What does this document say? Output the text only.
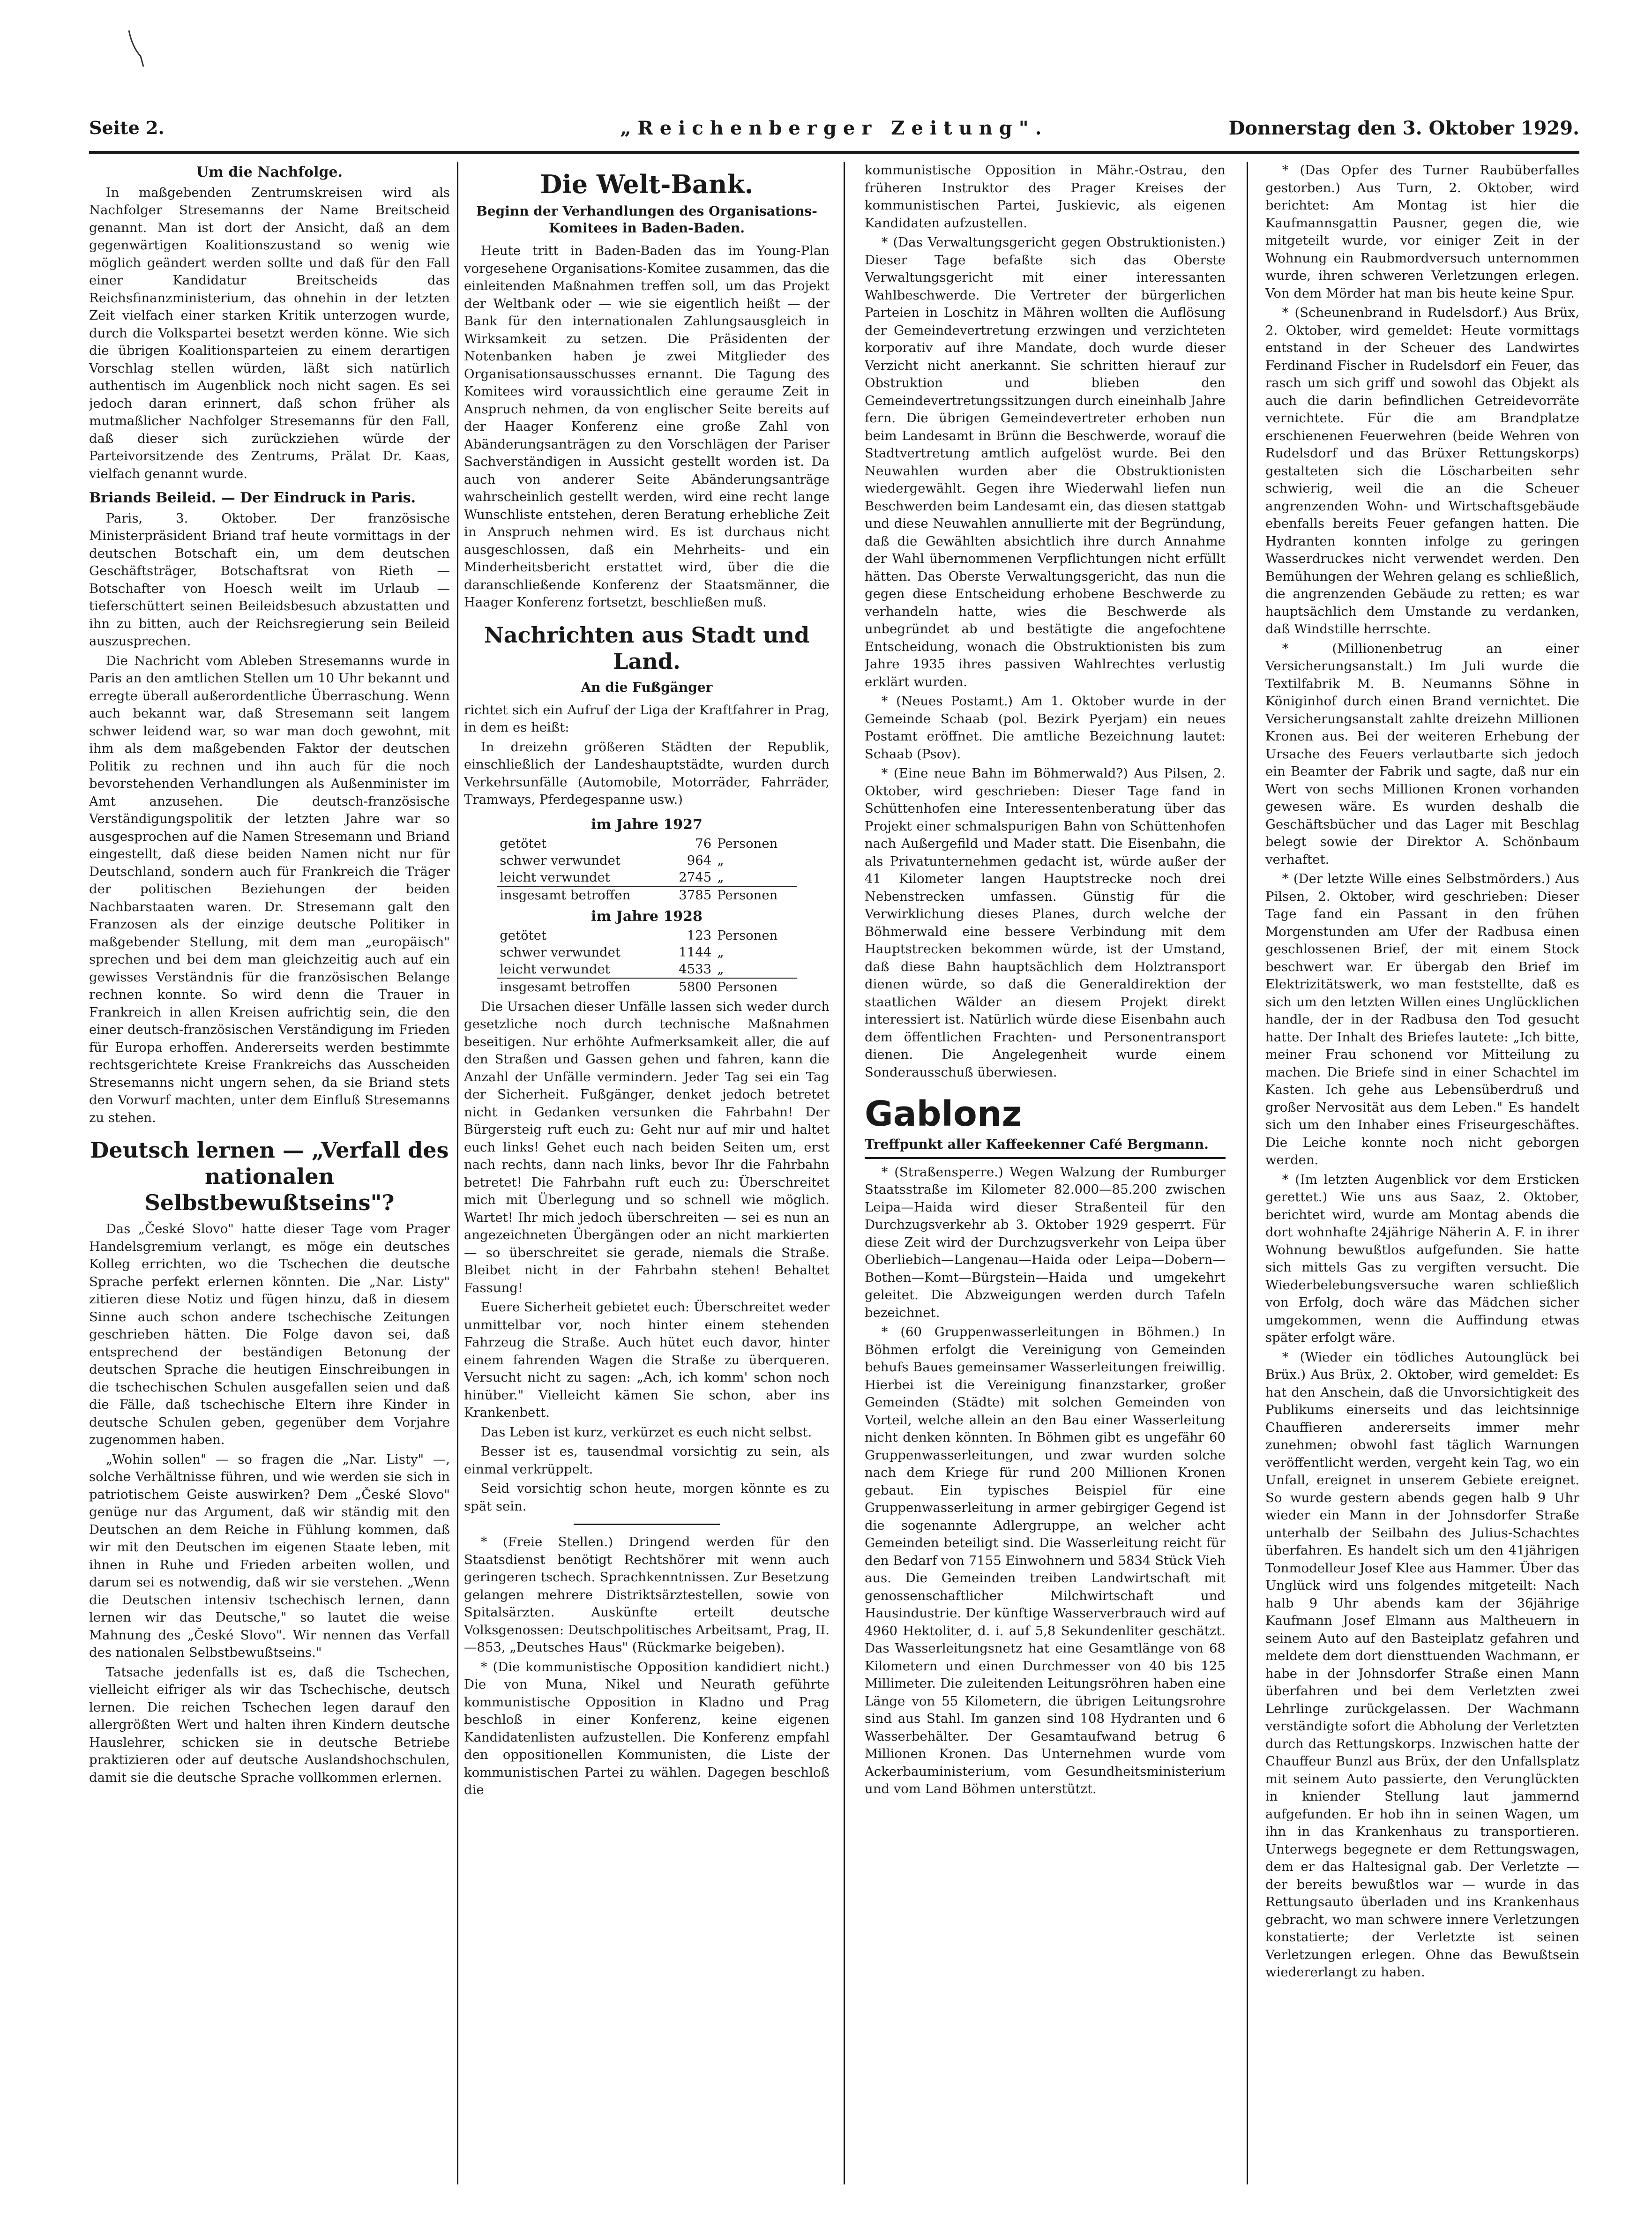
Seite 2.	„Reichenberger Zeitung".	Donnerstag den 3. Oktober 1929.
Um die Nachfolge.

In maßgebenden Zentrumskreisen wird als Nachfolger Stresemanns der Name Breitscheid genannt. Man ist dort der Ansicht, daß an dem gegenwärtigen Koalitionszustand so wenig wie möglich geändert werden sollte und daß für den Fall einer Kandidatur Breitscheids das Reichsfinanzministerium, das ohnehin in der letzten Zeit vielfach einer starken Kritik unterzogen wurde, durch die Volkspartei besetzt werden könne. Wie sich die übrigen Koalitionsparteien zu einem derartigen Vorschlag stellen würden, läßt sich natürlich authentisch im Augenblick noch nicht sagen. Es sei jedoch daran erinnert, daß schon früher als mutmaßlicher Nachfolger Stresemanns für den Fall, daß dieser sich zurückziehen würde der Parteivorsitzende des Zentrums, Prälat Dr. Kaas, vielfach genannt wurde.

Briands Beileid. — Der Eindruck in Paris.

Paris, 3. Oktober. Der französische Ministerpräsident Briand traf heute vormittags in der deutschen Botschaft ein, um dem deutschen Geschäftsträger, Botschaftsrat von Rieth — Botschafter von Hoesch weilt im Urlaub — tieferschüttert seinen Beileidsbesuch abzustatten und ihn zu bitten, auch der Reichsregierung sein Beileid auszusprechen.

Die Nachricht vom Ableben Stresemanns wurde in Paris an den amtlichen Stellen um 10 Uhr bekannt und erregte überall außerordentliche Überraschung. Wenn auch bekannt war, daß Stresemann seit langem schwer leidend war, so war man doch gewohnt, mit ihm als dem maßgebenden Faktor der deutschen Politik zu rechnen und ihn auch für die noch bevorstehenden Verhandlungen als Außenminister im Amt anzusehen. Die deutsch-französische Verständigungspolitik der letzten Jahre war so ausgesprochen auf die Namen Stresemann und Briand eingestellt, daß diese beiden Namen nicht nur für Deutschland, sondern auch für Frankreich die Träger der politischen Beziehungen der beiden Nachbarstaaten waren. Dr. Stresemann galt den Franzosen als der einzige deutsche Politiker in maßgebender Stellung, mit dem man „europäisch" sprechen und bei dem man gleichzeitig auch auf ein gewisses Verständnis für die französischen Belange rechnen konnte. So wird denn die Trauer in Frankreich in allen Kreisen aufrichtig sein, die den einer deutsch-französischen Verständigung im Frieden für Europa erhoffen. Andererseits werden bestimmte rechtsgerichtete Kreise Frankreichs das Ausscheiden Stresemanns nicht ungern sehen, da sie Briand stets den Vorwurf machten, unter dem Einfluß Stresemanns zu stehen.

Deutsch lernen — „Verfall des nationalen Selbstbewußtseins"?

Das „České Slovo" hatte dieser Tage vom Prager Handelsgremium verlangt, es möge ein deutsches Kolleg errichten, wo die Tschechen die deutsche Sprache perfekt erlernen könnten. Die „Nar. Listy" zitieren diese Notiz und fügen hinzu, daß in diesem Sinne auch schon andere tschechische Zeitungen geschrieben hätten. Die Folge davon sei, daß entsprechend der beständigen Betonung der deutschen Sprache die heutigen Einschreibungen in die tschechischen Schulen ausgefallen seien und daß die Fälle, daß tschechische Eltern ihre Kinder in deutsche Schulen geben, gegenüber dem Vorjahre zugenommen haben.

„Wohin sollen" — so fragen die „Nar. Listy" —, solche Verhältnisse führen, und wie werden sie sich in patriotischem Geiste auswirken? Dem „České Slovo" genüge nur das Argument, daß wir ständig mit den Deutschen an dem Reiche in Fühlung kommen, daß wir mit den Deutschen im eigenen Staate leben, mit ihnen in Ruhe und Frieden arbeiten wollen, und darum sei es notwendig, daß wir sie verstehen. „Wenn die Deutschen intensiv tschechisch lernen, dann lernen wir das Deutsche," so lautet die weise Mahnung des „České Slovo". Wir nennen das Verfall des nationalen Selbstbewußtseins."

Tatsache jedenfalls ist es, daß die Tschechen, vielleicht eifriger als wir das Tschechische, deutsch lernen. Die reichen Tschechen legen darauf den allergrößten Wert und halten ihren Kindern deutsche Hauslehrer, schicken sie in deutsche Betriebe praktizieren oder auf deutsche Auslandshochschulen, damit sie die deutsche Sprache vollkommen erlernen.

Die Welt-Bank.
Beginn der Verhandlungen des Organisations-Komitees in Baden-Baden.

Heute tritt in Baden-Baden das im Young-Plan vorgesehene Organisations-Komitee zusammen, das die einleitenden Maßnahmen treffen soll, um das Projekt der Weltbank oder — wie sie eigentlich heißt — der Bank für den internationalen Zahlungsausgleich in Wirksamkeit zu setzen. Die Präsidenten der Notenbanken haben je zwei Mitglieder des Organisationsausschusses ernannt. Die Tagung des Komitees wird voraussichtlich eine geraume Zeit in Anspruch nehmen, da von englischer Seite bereits auf der Haager Konferenz eine große Zahl von Abänderungsanträgen zu den Vorschlägen der Pariser Sachverständigen in Aussicht gestellt worden ist. Da auch von anderer Seite Abänderungsanträge wahrscheinlich gestellt werden, wird eine recht lange Wunschliste entstehen, deren Beratung erhebliche Zeit in Anspruch nehmen wird. Es ist durchaus nicht ausgeschlossen, daß ein Mehrheits- und ein Minderheitsbericht erstattet wird, über die die daranschließende Konferenz der Staatsmänner, die Haager Konferenz fortsetzt, beschließen muß.

Nachrichten aus Stadt und Land.
An die Fußgänger

richtet sich ein Aufruf der Liga der Kraftfahrer in Prag, in dem es heißt:

In dreizehn größeren Städten der Republik, einschließlich der Landeshauptstädte, wurden durch Verkehrsunfälle (Automobile, Motorräder, Fahrräder, Tramways, Pferdegespanne usw.)

im Jahre 1927		
getötet	76	Personen
schwer verwundet	964	„
leicht verwundet	2745	„
insgesamt betroffen	3785	Personen
im Jahre 1928		
getötet	123	Personen
schwer verwundet	1144	„
leicht verwundet	4533	„
insgesamt betroffen	5800	Personen

Die Ursachen dieser Unfälle lassen sich weder durch gesetzliche noch durch technische Maßnahmen beseitigen. Nur erhöhte Aufmerksamkeit aller, die auf den Straßen und Gassen gehen und fahren, kann die Anzahl der Unfälle vermindern. Jeder Tag sei ein Tag der Sicherheit. Fußgänger, denket jedoch betretet nicht in Gedanken versunken die Fahrbahn! Der Bürgersteig ruft euch zu: Geht nur auf mir und haltet euch links! Gehet euch nach beiden Seiten um, erst nach rechts, dann nach links, bevor Ihr die Fahrbahn betretet! Die Fahrbahn ruft euch zu: Überschreitet mich mit Überlegung und so schnell wie möglich. Wartet! Ihr mich jedoch überschreiten — sei es nun an angezeichneten Übergängen oder an nicht markierten — so überschreitet sie gerade, niemals die Straße. Bleibet nicht in der Fahrbahn stehen! Behaltet Fassung!

Euere Sicherheit gebietet euch: Überschreitet weder unmittelbar vor, noch hinter einem stehenden Fahrzeug die Straße. Auch hütet euch davor, hinter einem fahrenden Wagen die Straße zu überqueren. Versucht nicht zu sagen: „Ach, ich komm' schon noch hinüber." Vielleicht kämen Sie schon, aber ins Krankenbett.

Das Leben ist kurz, verkürzet es euch nicht selbst.

Besser ist es, tausendmal vorsichtig zu sein, als einmal verkrüppelt.

Seid vorsichtig schon heute, morgen könnte es zu spät sein.

* (Freie Stellen.) Dringend werden für den Staatsdienst benötigt Rechtshörer mit wenn auch geringeren tschech. Sprachkenntnissen. Zur Besetzung gelangen mehrere Distriktsärztestellen, sowie von Spitalsärzten. Auskünfte erteilt deutsche Volksgenossen: Deutschpolitisches Arbeitsamt, Prag, II.—853, „Deutsches Haus" (Rückmarke beigeben).

* (Die kommunistische Opposition kandidiert nicht.) Die von Muna, Nikel und Neurath geführte kommunistische Opposition in Kladno und Prag beschloß in einer Konferenz, keine eigenen Kandidatenlisten aufzustellen. Die Konferenz empfahl den oppositionellen Kommunisten, die Liste der kommunistischen Partei zu wählen. Dagegen beschloß die

kommunistische Opposition in Mähr.-Ostrau, den früheren Instruktor des Prager Kreises der kommunistischen Partei, Juskievic, als eigenen Kandidaten aufzustellen.

* (Das Verwaltungsgericht gegen Obstruktionisten.) Dieser Tage befaßte sich das Oberste Verwaltungsgericht mit einer interessanten Wahlbeschwerde. Die Vertreter der bürgerlichen Parteien in Loschitz in Mähren wollten die Auflösung der Gemeindevertretung erzwingen und verzichteten korporativ auf ihre Mandate, doch wurde dieser Verzicht nicht anerkannt. Sie schritten hierauf zur Obstruktion und blieben den Gemeindevertretungssitzungen durch eineinhalb Jahre fern. Die übrigen Gemeindevertreter erhoben nun beim Landesamt in Brünn die Beschwerde, worauf die Stadtvertretung amtlich aufgelöst wurde. Bei den Neuwahlen wurden aber die Obstruktionisten wiedergewählt. Gegen ihre Wiederwahl liefen nun Beschwerden beim Landesamt ein, das diesen stattgab und diese Neuwahlen annullierte mit der Begründung, daß die Gewählten absichtlich ihre durch Annahme der Wahl übernommenen Verpflichtungen nicht erfüllt hätten. Das Oberste Verwaltungsgericht, das nun die gegen diese Entscheidung erhobene Beschwerde zu verhandeln hatte, wies die Beschwerde als unbegründet ab und bestätigte die angefochtene Entscheidung, wonach die Obstruktionisten bis zum Jahre 1935 ihres passiven Wahlrechtes verlustig erklärt wurden.

* (Neues Postamt.) Am 1. Oktober wurde in der Gemeinde Schaab (pol. Bezirk Pyerjam) ein neues Postamt eröffnet. Die amtliche Bezeichnung lautet: Schaab (Psov).

* (Eine neue Bahn im Böhmerwald?) Aus Pilsen, 2. Oktober, wird geschrieben: Dieser Tage fand in Schüttenhofen eine Interessentenberatung über das Projekt einer schmalspurigen Bahn von Schüttenhofen nach Außergefild und Mader statt. Die Eisenbahn, die als Privatunternehmen gedacht ist, würde außer der 41 Kilometer langen Hauptstrecke noch drei Nebenstrecken umfassen. Günstig für die Verwirklichung dieses Planes, durch welche der Böhmerwald eine bessere Verbindung mit dem Hauptstrecken bekommen würde, ist der Umstand, daß diese Bahn hauptsächlich dem Holztransport dienen würde, so daß die Generaldirektion der staatlichen Wälder an diesem Projekt direkt interessiert ist. Natürlich würde diese Eisenbahn auch dem öffentlichen Frachten- und Personentransport dienen. Die Angelegenheit wurde einem Sonderausschuß überwiesen.

Gablonz
Treffpunkt aller Kaffeekenner Café Bergmann.

* (Straßensperre.) Wegen Walzung der Rumburger Staatsstraße im Kilometer 82.000—85.200 zwischen Leipa—Haida wird dieser Straßenteil für den Durchzugsverkehr ab 3. Oktober 1929 gesperrt. Für diese Zeit wird der Durchzugsverkehr von Leipa über Oberliebich—Langenau—Haida oder Leipa—Dobern—Bothen—Komt—Bürgstein—Haida und umgekehrt geleitet. Die Abzweigungen werden durch Tafeln bezeichnet.

* (60 Gruppenwasserleitungen in Böhmen.) In Böhmen erfolgt die Vereinigung von Gemeinden behufs Baues gemeinsamer Wasserleitungen freiwillig. Hierbei ist die Vereinigung finanzstarker, großer Gemeinden (Städte) mit solchen Gemeinden von Vorteil, welche allein an den Bau einer Wasserleitung nicht denken könnten. In Böhmen gibt es ungefähr 60 Gruppenwasserleitungen, und zwar wurden solche nach dem Kriege für rund 200 Millionen Kronen gebaut. Ein typisches Beispiel für eine Gruppenwasserleitung in armer gebirgiger Gegend ist die sogenannte Adlergruppe, an welcher acht Gemeinden beteiligt sind. Die Wasserleitung reicht für den Bedarf von 7155 Einwohnern und 5834 Stück Vieh aus. Die Gemeinden treiben Landwirtschaft mit genossenschaftlicher Milchwirtschaft und Hausindustrie. Der künftige Wasserverbrauch wird auf 4960 Hektoliter, d. i. auf 5,8 Sekundenliter geschätzt. Das Wasserleitungsnetz hat eine Gesamtlänge von 68 Kilometern und einen Durchmesser von 40 bis 125 Millimeter. Die zuleitenden Leitungsröhren haben eine Länge von 55 Kilometern, die übrigen Leitungsrohre sind aus Stahl. Im ganzen sind 108 Hydranten und 6 Wasserbehälter. Der Gesamtaufwand betrug 6 Millionen Kronen. Das Unternehmen wurde vom Ackerbauministerium, vom Gesundheitsministerium und vom Land Böhmen unterstützt.

* (Das Opfer des Turner Raubüberfalles gestorben.) Aus Turn, 2. Oktober, wird berichtet: Am Montag ist hier die Kaufmannsgattin Pausner, gegen die, wie mitgeteilt wurde, vor einiger Zeit in der Wohnung ein Raubmordversuch unternommen wurde, ihren schweren Verletzungen erlegen. Von dem Mörder hat man bis heute keine Spur.

* (Scheunenbrand in Rudelsdorf.) Aus Brüx, 2. Oktober, wird gemeldet: Heute vormittags entstand in der Scheuer des Landwirtes Ferdinand Fischer in Rudelsdorf ein Feuer, das rasch um sich griff und sowohl das Objekt als auch die darin befindlichen Getreidevorräte vernichtete. Für die am Brandplatze erschienenen Feuerwehren (beide Wehren von Rudelsdorf und das Brüxer Rettungskorps) gestalteten sich die Löscharbeiten sehr schwierig, weil die an die Scheuer angrenzenden Wohn- und Wirtschaftsgebäude ebenfalls bereits Feuer gefangen hatten. Die Hydranten konnten infolge zu geringen Wasserdruckes nicht verwendet werden. Den Bemühungen der Wehren gelang es schließlich, die angrenzenden Gebäude zu retten; es war hauptsächlich dem Umstande zu verdanken, daß Windstille herrschte.

* (Millionenbetrug an einer Versicherungsanstalt.) Im Juli wurde die Textilfabrik M. B. Neumanns Söhne in Königinhof durch einen Brand vernichtet. Die Versicherungsanstalt zahlte dreizehn Millionen Kronen aus. Bei der weiteren Erhebung der Ursache des Feuers verlautbarte sich jedoch ein Beamter der Fabrik und sagte, daß nur ein Wert von sechs Millionen Kronen vorhanden gewesen wäre. Es wurden deshalb die Geschäftsbücher und das Lager mit Beschlag belegt sowie der Direktor A. Schönbaum verhaftet.

* (Der letzte Wille eines Selbstmörders.) Aus Pilsen, 2. Oktober, wird geschrieben: Dieser Tage fand ein Passant in den frühen Morgenstunden am Ufer der Radbusa einen geschlossenen Brief, der mit einem Stock beschwert war. Er übergab den Brief im Elektrizitätswerk, wo man feststellte, daß es sich um den letzten Willen eines Unglücklichen handle, der in der Radbusa den Tod gesucht hatte. Der Inhalt des Briefes lautete: „Ich bitte, meiner Frau schonend vor Mitteilung zu machen. Die Briefe sind in einer Schachtel im Kasten. Ich gehe aus Lebensüberdruß und großer Nervosität aus dem Leben." Es handelt sich um den Inhaber eines Friseurgeschäftes. Die Leiche konnte noch nicht geborgen werden.

* (Im letzten Augenblick vor dem Ersticken gerettet.) Wie uns aus Saaz, 2. Oktober, berichtet wird, wurde am Montag abends die dort wohnhafte 24jährige Näherin A. F. in ihrer Wohnung bewußtlos aufgefunden. Sie hatte sich mittels Gas zu vergiften versucht. Die Wiederbelebungsversuche waren schließlich von Erfolg, doch wäre das Mädchen sicher umgekommen, wenn die Auffindung etwas später erfolgt wäre.

* (Wieder ein tödliches Autounglück bei Brüx.) Aus Brüx, 2. Oktober, wird gemeldet: Es hat den Anschein, daß die Unvorsichtigkeit des Publikums einerseits und das leichtsinnige Chauffieren andererseits immer mehr zunehmen; obwohl fast täglich Warnungen veröffentlicht werden, vergeht kein Tag, wo ein Unfall, ereignet in unserem Gebiete ereignet. So wurde gestern abends gegen halb 9 Uhr wieder ein Mann in der Johnsdorfer Straße unterhalb der Seilbahn des Julius-Schachtes überfahren. Es handelt sich um den 41jährigen Tonmodelleur Josef Klee aus Hammer. Über das Unglück wird uns folgendes mitgeteilt: Nach halb 9 Uhr abends kam der 36jährige Kaufmann Josef Elmann aus Maltheuern in seinem Auto auf den Basteiplatz gefahren und meldete dem dort diensttuenden Wachmann, er habe in der Johnsdorfer Straße einen Mann überfahren und bei dem Verletzten zwei Lehrlinge zurückgelassen. Der Wachmann verständigte sofort die Abholung der Verletzten durch das Rettungskorps. Inzwischen hatte der Chauffeur Bunzl aus Brüx, der den Unfallsplatz mit seinem Auto passierte, den Verunglückten in kniender Stellung laut jammernd aufgefunden. Er hob ihn in seinen Wagen, um ihn in das Krankenhaus zu transportieren. Unterwegs begegnete er dem Rettungswagen, dem er das Haltesignal gab. Der Verletzte — der bereits bewußtlos war — wurde in das Rettungsauto überladen und ins Krankenhaus gebracht, wo man schwere innere Verletzungen konstatierte; der Verletzte ist seinen Verletzungen erlegen. Ohne das Bewußtsein wiedererlangt zu haben.
